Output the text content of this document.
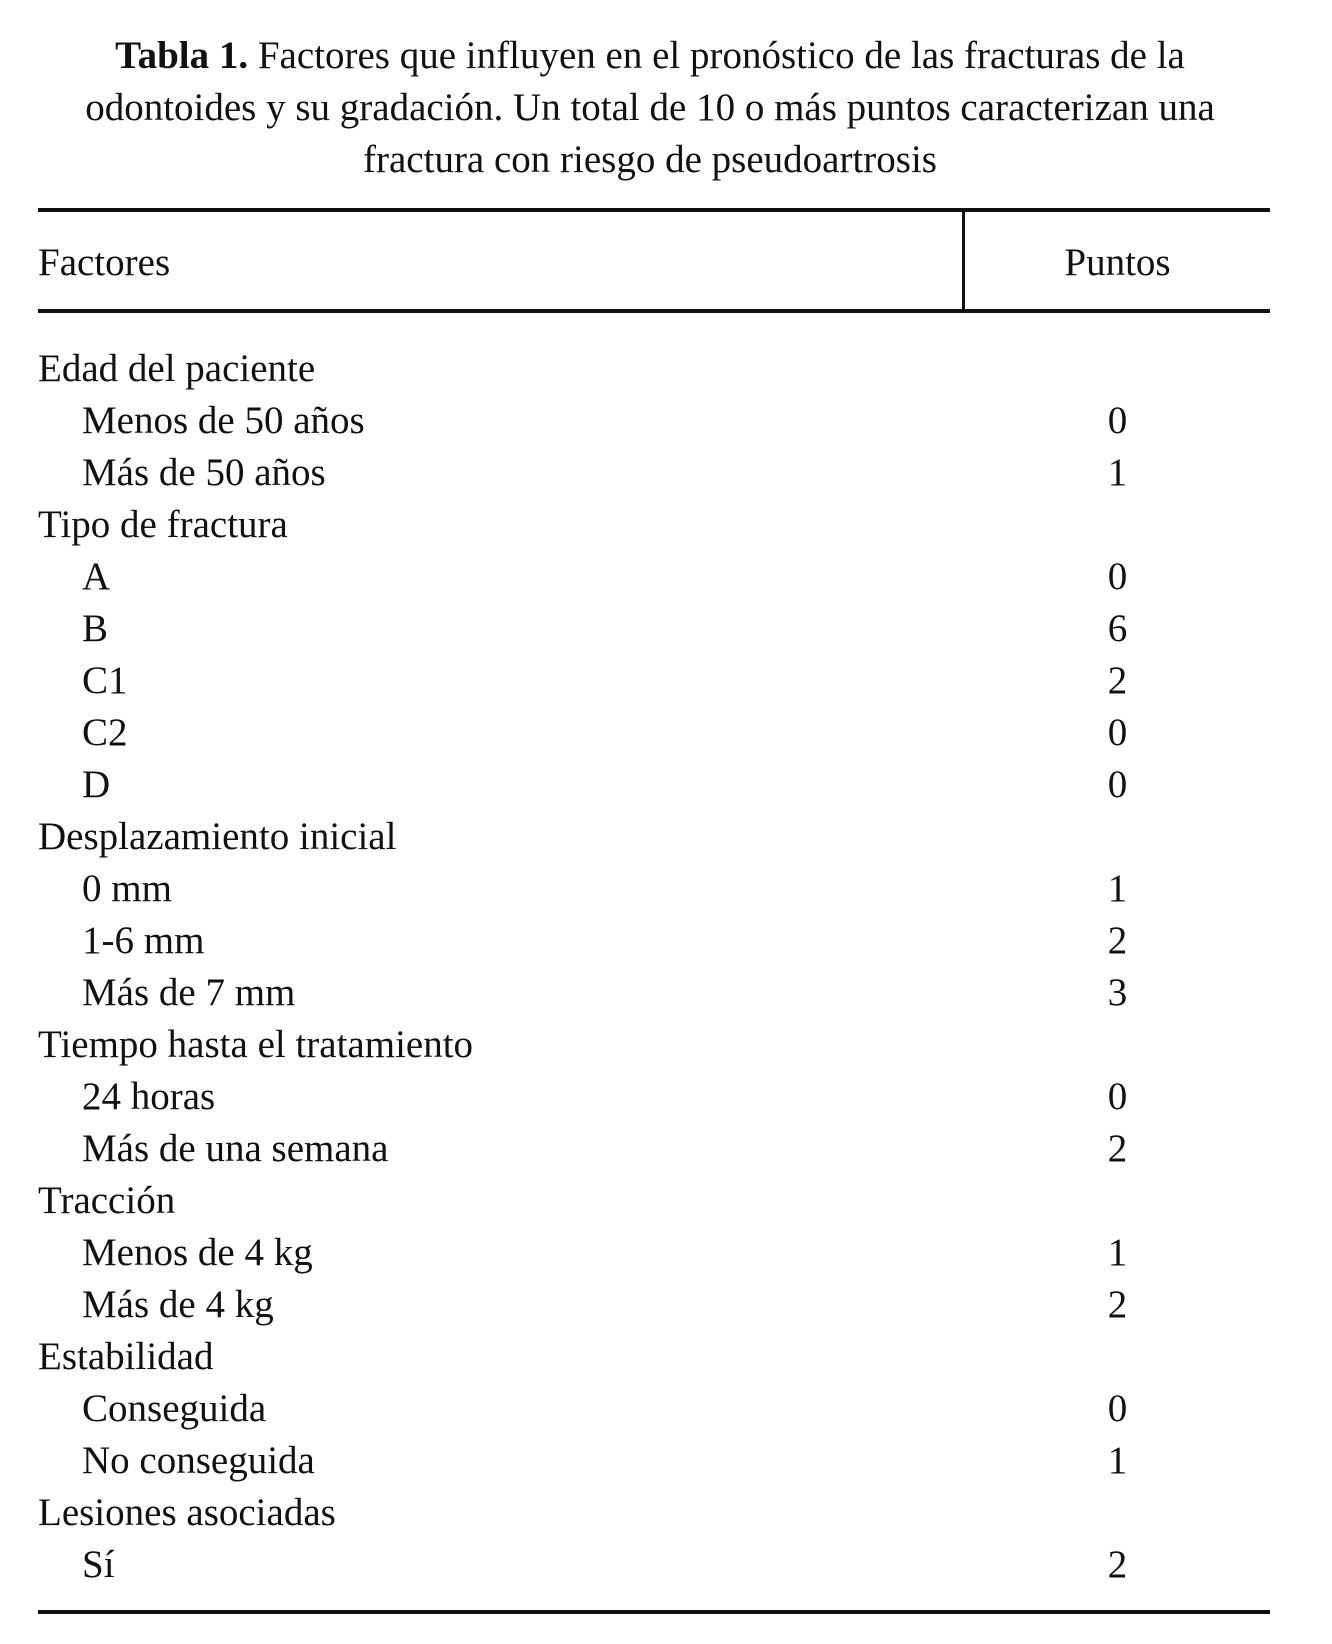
Tabla 1. Factores que influyen en el pronóstico de las fracturas de la odontoides y su gradación. Un total de 10 o más puntos caracterizan una fractura con riesgo de pseudoartrosis
Factores	Puntos
Edad del paciente
Menos de 50 años	0
Más de 50 años	1
Tipo de fractura
A	0
B	6
C1	2
C2	0
D	0
Desplazamiento inicial
0 mm	1
1-6 mm	2
Más de 7 mm	3
Tiempo hasta el tratamiento
24 horas	0
Más de una semana	2
Tracción
Menos de 4 kg	1
Más de 4 kg	2
Estabilidad
Conseguida	0
No conseguida	1
Lesiones asociadas
Sí	2
